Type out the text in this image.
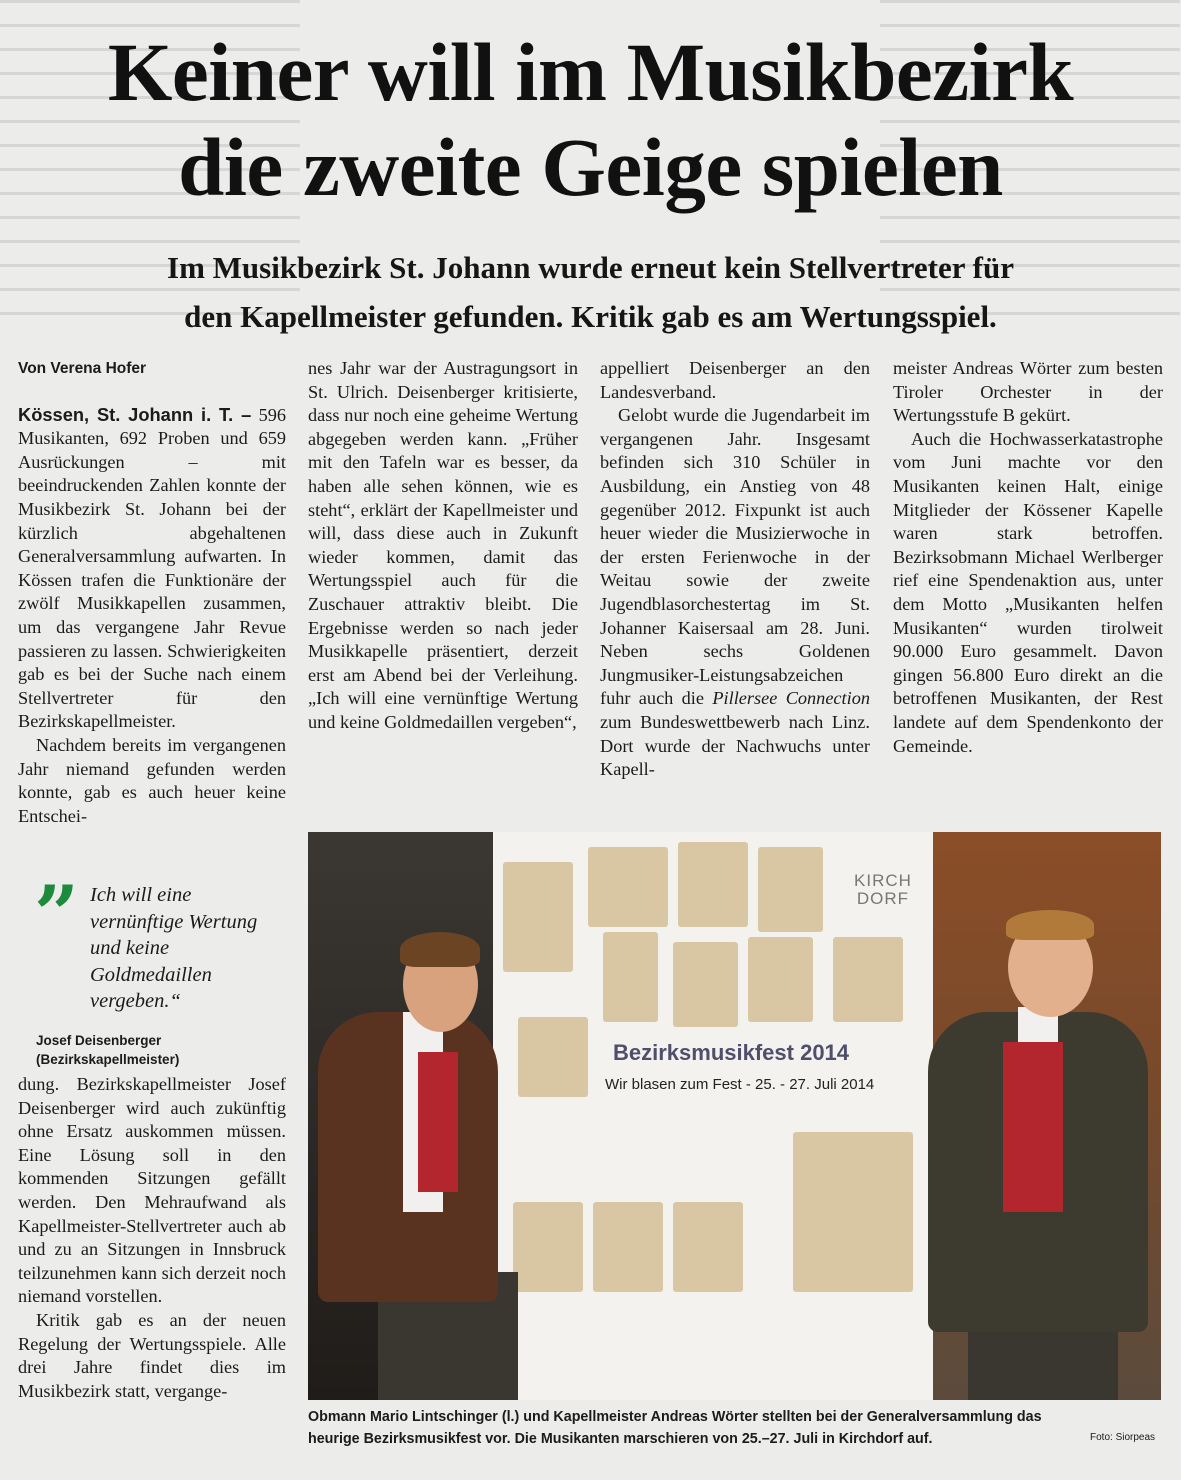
Keiner will im Musikbezirk
die zweite Geige spielen
Im Musikbezirk St. Johann wurde erneut kein Stellvertreter für
den Kapellmeister gefunden. Kritik gab es am Wertungsspiel.

Von Verena Hofer

Kössen, St. Johann i. T. – 596 Musikanten, 692 Proben und 659 Ausrückungen – mit beeindruckenden Zahlen konnte der Musikbezirk St. Johann bei der kürzlich abgehaltenen Generalversammlung aufwarten. In Kössen trafen die Funktionäre der zwölf Musikkapellen zusammen, um das vergangene Jahr Revue passieren zu lassen. Schwierigkeiten gab es bei der Suche nach einem Stellvertreter für den Bezirkskapellmeister.

Nachdem bereits im vergangenen Jahr niemand gefunden werden konnte, gab es auch heuer keine Entschei-

” Ich will eine vernünftige Wertung und keine Goldmedaillen vergeben.“
Josef Deisenberger
(Bezirkskapellmeister)

dung. Bezirkskapellmeister Josef Deisenberger wird auch zukünftig ohne Ersatz auskommen müssen. Eine Lösung soll in den kommenden Sitzungen gefällt werden. Den Mehraufwand als Kapellmeister-Stellvertreter auch ab und zu an Sitzungen in Innsbruck teilzunehmen kann sich derzeit noch niemand vorstellen.

Kritik gab es an der neuen Regelung der Wertungsspiele. Alle drei Jahre findet dies im Musikbezirk statt, vergange-

nes Jahr war der Austragungsort in St. Ulrich. Deisenberger kritisierte, dass nur noch eine geheime Wertung abgegeben werden kann. „Früher mit den Tafeln war es besser, da haben alle sehen können, wie es steht“, erklärt der Kapellmeister und will, dass diese auch in Zukunft wieder kommen, damit das Wertungsspiel auch für die Zuschauer attraktiv bleibt. Die Ergebnisse werden so nach jeder Musikkapelle präsentiert, derzeit erst am Abend bei der Verleihung. „Ich will eine vernünftige Wertung und keine Goldmedaillen vergeben“,

appelliert Deisenberger an den Landesverband.

Gelobt wurde die Jugendarbeit im vergangenen Jahr. Insgesamt befinden sich 310 Schüler in Ausbildung, ein Anstieg von 48 gegenüber 2012. Fixpunkt ist auch heuer wieder die Musizierwoche in der ersten Ferienwoche in der Weitau sowie der zweite Jugendblasorchestertag im St. Johanner Kaisersaal am 28. Juni. Neben sechs Goldenen Jungmusiker-Leistungsabzeichen fuhr auch die Pillersee Connection zum Bundeswettbewerb nach Linz. Dort wurde der Nachwuchs unter Kapell-

meister Andreas Wörter zum besten Tiroler Orchester in der Wertungsstufe B gekürt.

Auch die Hochwasserkatastrophe vom Juni machte vor den Musikanten keinen Halt, einige Mitglieder der Kössener Kapelle waren stark betroffen. Bezirksobmann Michael Werlberger rief eine Spendenaktion aus, unter dem Motto „Musikanten helfen Musikanten“ wurden tirolweit 90.000 Euro gesammelt. Davon gingen 56.800 Euro direkt an die betroffenen Musikanten, der Rest landete auf dem Spendenkonto der Gemeinde.

KIRCH
DORF
Bezirksmusikfest 2014
Wir blasen zum Fest - 25. - 27. Juli 2014

Obmann Mario Lintschinger (l.) und Kapellmeister Andreas Wörter stellten bei der Generalversammlung das

heurige Bezirksmusikfest vor. Die Musikanten marschieren von 25.–27. Juli in Kirchdorf auf.	Foto: Siorpeas
